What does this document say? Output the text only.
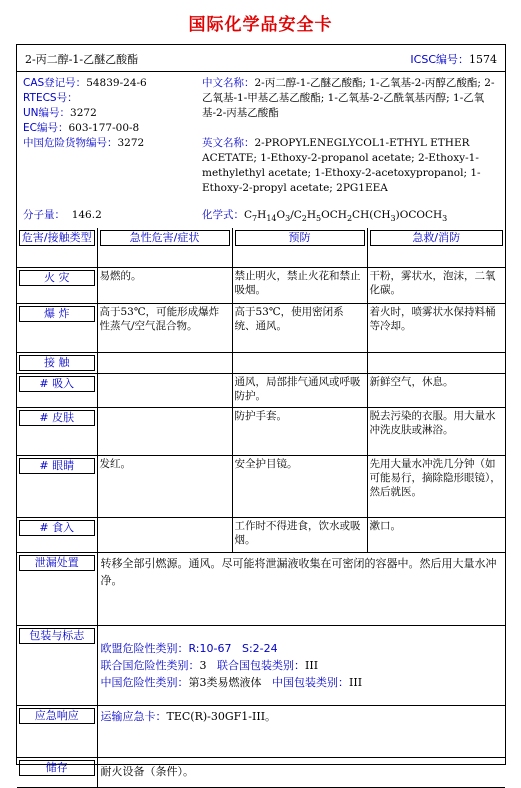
国际化学品安全卡
2-丙二醇-1-乙醚乙酸酯	ICSC编号：1574
CAS登记号：54839-24-6
RTECS号：
UN编号：3272
EC编号：603-177-00-8
中国危险货物编号：3272
中文名称：2-丙二醇-1-乙醚乙酸酯; 1-乙氧基-2-丙醇乙酸酯; 2-乙氧基-1-甲基乙基乙酸酯; 1-乙氧基-2-乙酰氧基丙醇; 1-乙氧基-2-丙基乙酸酯
英文名称：2-PROPYLENEGLYCOL1-ETHYL ETHER ACETATE; 1-Ethoxy-2-propanol acetate; 2-Ethoxy-1-methylethyl acetate; 1-Ethoxy-2-acetoxypropanol; 1-Ethoxy-2-propyl acetate; 2PG1EEA
分子量： 146.2	化学式：$C_7H_{14}O_3/C_2H_5OCH_2CH(CH_3)OCOCH_3$
危害/接触类型	急性危害/症状	预防	急救/消防

火 灾	易燃的。	禁止明火，禁止火花和禁止吸烟。	干粉，雾状水，泡沫，二氧化碳。

爆 炸	高于53℃，可能形成爆炸性蒸气/空气混合物。	高于53℃，使用密闭系统、通风。	着火时，喷雾状水保持料桶等冷却。

接 触			

# 吸入		通风，局部排气通风或呼吸防护。	新鲜空气，休息。

# 皮肤		防护手套。	脱去污染的衣服。用大量水冲洗皮肤或淋浴。

# 眼睛	发红。	安全护目镜。	先用大量水冲洗几分钟（如可能易行，摘除隐形眼镜），然后就医。

# 食入		工作时不得进食，饮水或吸烟。	漱口。

泄漏处置	转移全部引燃源。通风。尽可能将泄漏液收集在可密闭的容器中。然后用大量水冲净。		

包装与标志	欧盟危险性类别：R:10-67 S:2-24
联合国危险性类别：3 联合国包装类别：III
中国危险性类别：第3类易燃液体 中国包装类别：III		

应急响应	运输应急卡：TEC(R)-30GF1-III。		

储存	耐火设备（条件）。		
